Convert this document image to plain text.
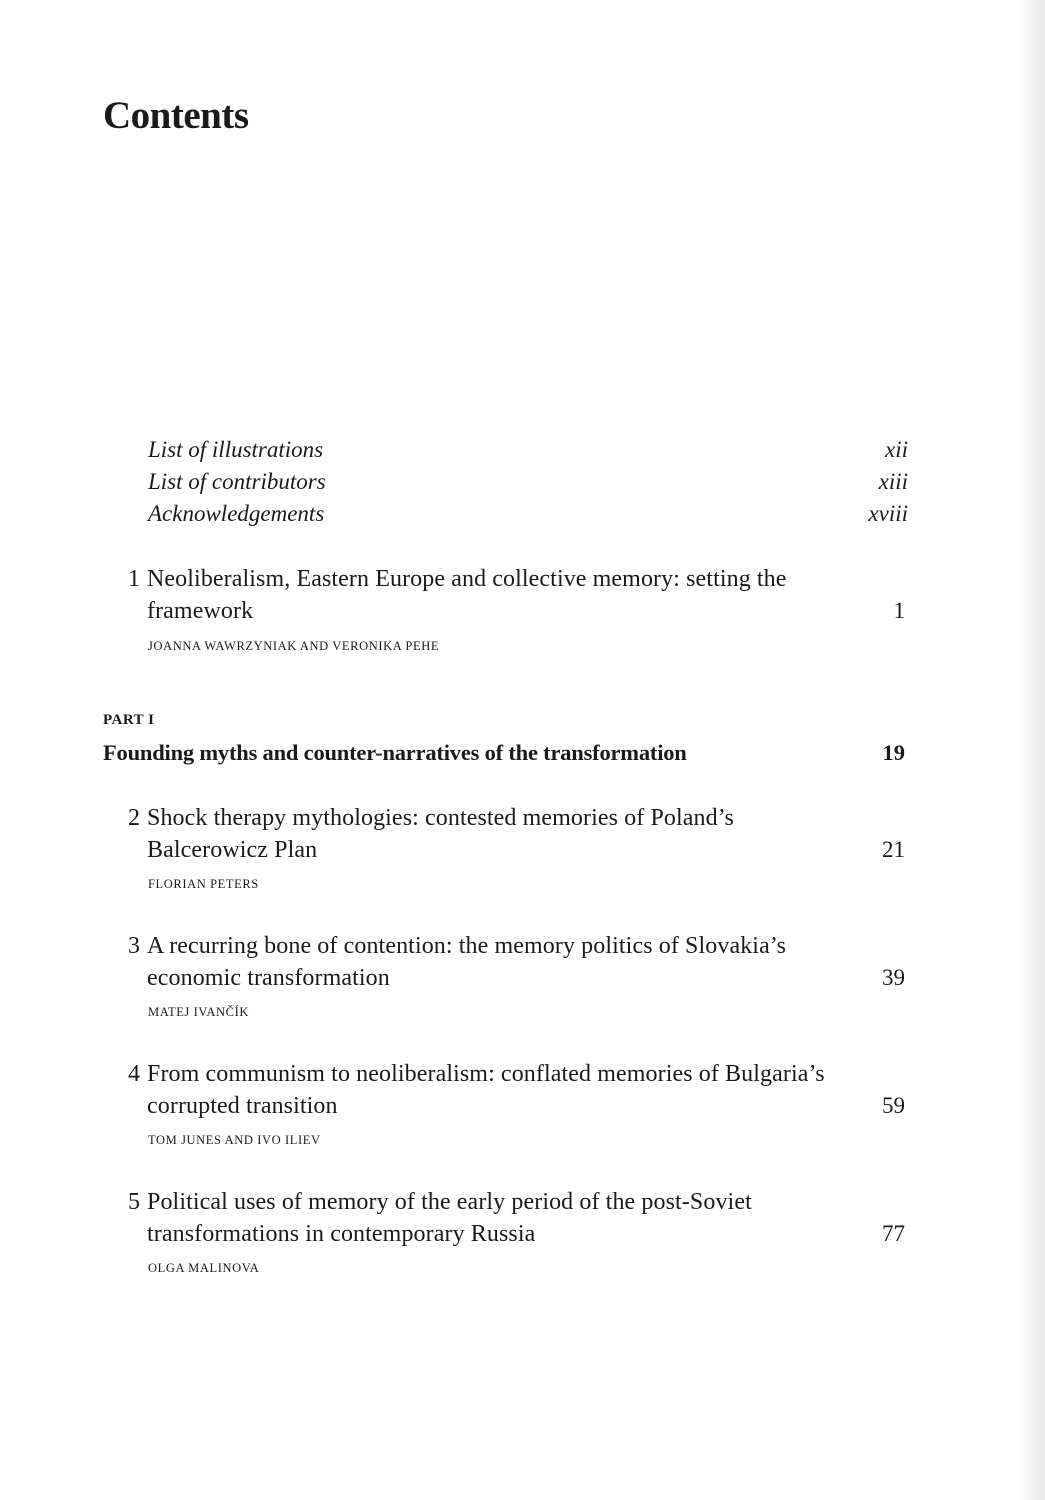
Contents
List of illustrations	xii
List of contributors	xiii
Acknowledgements	xviii
1 Neoliberalism, Eastern Europe and collective memory: setting the framework	1
JOANNA WAWRZYNIAK AND VERONIKA PEHE
PART I
Founding myths and counter-narratives of the transformation	19
2 Shock therapy mythologies: contested memories of Poland’s Balcerowicz Plan	21
FLORIAN PETERS
3 A recurring bone of contention: the memory politics of Slovakia’s economic transformation	39
MATEJ IVANČÍK
4 From communism to neoliberalism: conflated memories of Bulgaria’s corrupted transition	59
TOM JUNES AND IVO ILIEV
5 Political uses of memory of the early period of the post-Soviet transformations in contemporary Russia	77
OLGA MALINOVA
